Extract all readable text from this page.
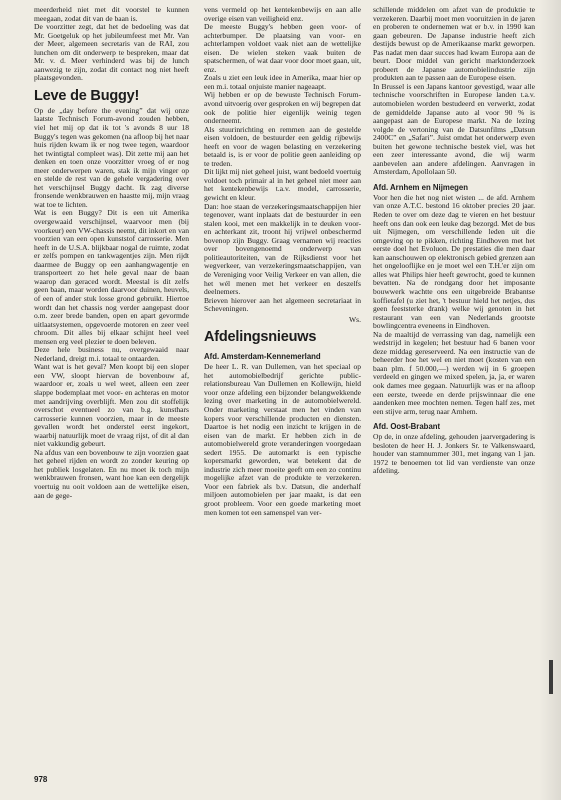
meerderheid niet met dit voorstel te kunnen meegaan, zodat dit van de baan is.

De voorzitter zegt, dat het de bedoeling was dat Mr. Goetgeluk op het jubileumfeest met Mr. Van der Meer, algemeen secretaris van de RAI, zou lunchen om dit onderwerp te bespreken, maar dat Mr. v. d. Meer verhinderd was bij de lunch aanwezig te zijn, zodat dit contact nog niet heeft plaatsgevonden.

Leve de Buggy!

Op de „day before the evening” dat wij onze laatste Technisch Forum-avond zouden hebben, viel het mij op dat ik tot 's avonds 8 uur 18 Buggy's tegen was gekomen (na afloop bij het naar huis rijden kwam ik er nog twee tegen, waardoor het twintigtal compleet was). Dit zette mij aan het denken en toen onze voorzitter vroeg of er nog meer onderwerpen waren, stak ik mijn vinger op en stelde de rest van de gehele vergadering over het verschijnsel Buggy dacht. Ik zag diverse fronsende wenkbrauwen en haastte mij, mijn vraag wat toe te lichten.

Wat is een Buggy? Dit is een uit Amerika overgewaaid verschijnsel, waarvoor men (bij voorkeur) een VW-chassis neemt, dit inkort en van voorzien van een open kunststof carrosserie. Men heeft in de U.S.A. blijkbaar nogal de ruimte, zodat er zelfs pompen en tankwagentjes zijn. Men rijdt daarmee de Buggy op een aanhangwagentje en transporteert zo het hele geval naar de baan waarop dan geraced wordt. Meestal is dit zelfs geen baan, maar worden daarvoor duinen, heuvels, of een of ander stuk losse grond gebruikt. Hiertoe wordt dan het chassis nog verder aangepast door o.m. zeer brede banden, open en apart gevormde uitlaatsystemen, opgevoerde motoren en zeer veel chroom. Dit alles bij elkaar schijnt heel veel mensen erg veel plezier te doen beleven.

Deze hele business nu, overgewaaid naar Nederland, dreigt m.i. totaal te ontaarden.

Want wat is het geval? Men koopt bij een sloper een VW, sloopt hiervan de bovenbouw af, waardoor er, zoals u wel weet, alleen een zeer slappe bodemplaat met voor- en achteras en motor met aandrijving overblijft. Men zou dit stoffelijk overschot eventueel zo van b.g. kunsthars carrosserie kunnen voorzien, maar in de meeste gevallen wordt het onderstel eerst ingekort, waarbij natuurlijk moet de vraag rijst, of dit al dan niet vakkundig gebeurt.

Na afdus van een bovenbouw te zijn voorzien gaat het geheel rijden en wordt zo zonder keuring op het publiek losgelaten. En nu moet ik toch mijn wenkbrauwen fronsen, want hoe kan een dergelijk voertuig nu ooit voldoen aan de wettelijke eisen, aan de gege-

vens vermeld op het kentekenbewijs en aan alle overige eisen van veiligheid enz.

De meeste Buggy's hebben geen voor- of achterbumper. De plaatsing van voor- en achterlampen voldoet vaak niet aan de wettelijke eisen. De wielen steken vaak buiten de spatschermen, of wat daar voor door moet gaan, uit, enz.

Zoals u ziet een leuk idee in Amerika, maar hier op een m.i. totaal onjuiste manier nageaapt.

Wij hebben er op de bewuste Technisch Forum-avond uitvoerig over gesproken en wij begrepen dat ook de politie hier eigenlijk weinig tegen onderneemt.

Als stuurinrichting en remmen aan de gestelde eisen voldoen, de bestuurder een geldig rijbewijs heeft en voor de wagen belasting en verzekering betaald is, is er voor de politie geen aanleiding op te treden.

Dit lijkt mij niet geheel juist, want bedoeld voertuig voldoet toch primair al in het geheel niet meer aan het kentekenbewijs t.a.v. model, carrosserie, gewicht en kleur.

Dan: hoe staan de verzekeringsmaatschappijen hier tegenover, want inplaats dat de bestuurder in een stalen kooi, met een makkelijk in te deuken voor- en achterkant zit, troont hij vrijwel onbeschermd bovenop zijn Buggy. Graag vernamen wij reacties over bovengenoemd onderwerp van politieautoriteiten, van de Rijksdienst voor het wegverkeer, van verzekeringsmaatschappijen, van de Vereniging voor Veilig Verkeer en van allen, die het wél menen met het verkeer en deszelfs deelnemers.

Brieven hierover aan het algemeen secretariaat in Scheveningen.

Ws.
Afdelingsnieuws
Afd. Amsterdam-Kennemerland

De heer L. R. van Dullemen, van het speciaal op het automobielbedrijf gerichte public-relationsbureau Van Dullemen en Kollewijn, hield voor onze afdeling een bijzonder belangwekkende lezing over marketing in de automobielwereld. Onder marketing verstaat men het vinden van kopers voor verschillende producten en diensten. Daartoe is het nodig een inzicht te krijgen in de eisen van de markt. Er hebben zich in de automobielwereld grote veranderingen voorgedaan sedert 1955. De automarkt is een typische kopersmarkt geworden, wat betekent dat de industrie zich meer moeite geeft om een zo continu mogelijke afzet van de produkte te verzekeren. Voor een fabriek als b.v. Datsun, die anderhalf miljoen automobielen per jaar maakt, is dat een groot probleem. Voor een goede marketing moet men komen tot een samenspel van ver-

schillende middelen om afzet van de produktie te verzekeren. Daarbij moet men vooruitzien in de jaren en proberen te ondernemen wat er b.v. in 1990 kan gaan gebeuren. De Japanse industrie heeft zich destijds bewust op de Amerikaanse markt geworpen. Pas nadat men daar succes had kwam Europa aan de beurt. Door middel van gericht marktonderzoek probeert de Japanse automobielindustrie zijn produkten aan te passen aan de Europese eisen.

In Brussel is een Japans kantoor gevestigd, waar alle technische voorschriften in Europese landen t.a.v. automobielen worden bestudeerd en verwerkt, zodat de gemiddelde Japanse auto al voor 90 % is aangepast aan de Europese markt. Na de lezing volgde de vertoning van de Datsunfilms „Datsun 2400C” en „Safari”. Juist omdat het onderwerp even buiten het gewone technische bestek viel, was het een zeer interessante avond, die wij warm aanbevelen aan andere afdelingen. Aanvragen in Amsterdam, Apollolaan 50.

Afd. Arnhem en Nijmegen

Voor hen die het nog niet wisten ... de afd. Arnhem van onze A.T.C. bestond 16 oktober precies 20 jaar. Reden te over om deze dag te vieren en het bestuur heeft ons dan ook een leuke dag bezorgd. Met de bus uit Nijmegen, om verschillende leden uit die omgeving op te pikken, richting Eindhoven met het eerste doel het Evoluon. De prestaties die men daar kan aanschouwen op elektronisch gebied grenzen aan het ongelooflijke en je moet wel een T.H.'er zijn om alles wat Philips hier heeft gewrocht, goed te kunnen bevatten. Na de rondgang door het imposante bouwwerk wachtte ons een uitgebreide Brabantse koffietafel (u ziet het, 't bestuur hield het netjes, dus geen feeststerke drank) welke wij genoten in het restaurant van een van Nederlands grootste bowlingcentra eveneens in Eindhoven.

Na de maaltijd de verrassing van dag, namelijk een wedstrijd in kegelen; het bestuur had 6 banen voor deze middag gereserveerd. Na een instructie van de beheerder hoe het wel en niet moet (kosten van een baan plm. f 50.000,—) werden wij in 6 groepen verdeeld en gingen we mixed spelen, ja, ja, er waren ook dames mee gegaan. Natuurlijk was er na afloop een eerste, tweede en derde prijswinnaar die ene aandenken mee mochten nemen. Tegen half zes, met een stijve arm, terug naar Arnhem.

Afd. Oost-Brabant

Op de, in onze afdeling, gehouden jaarvergadering is besloten de heer H. J. Jonkers Sr. te Valkenswaard, houder van stamnummer 301, met ingang van 1 jan. 1972 te benoemen tot lid van verdienste van onze afdeling.

978
